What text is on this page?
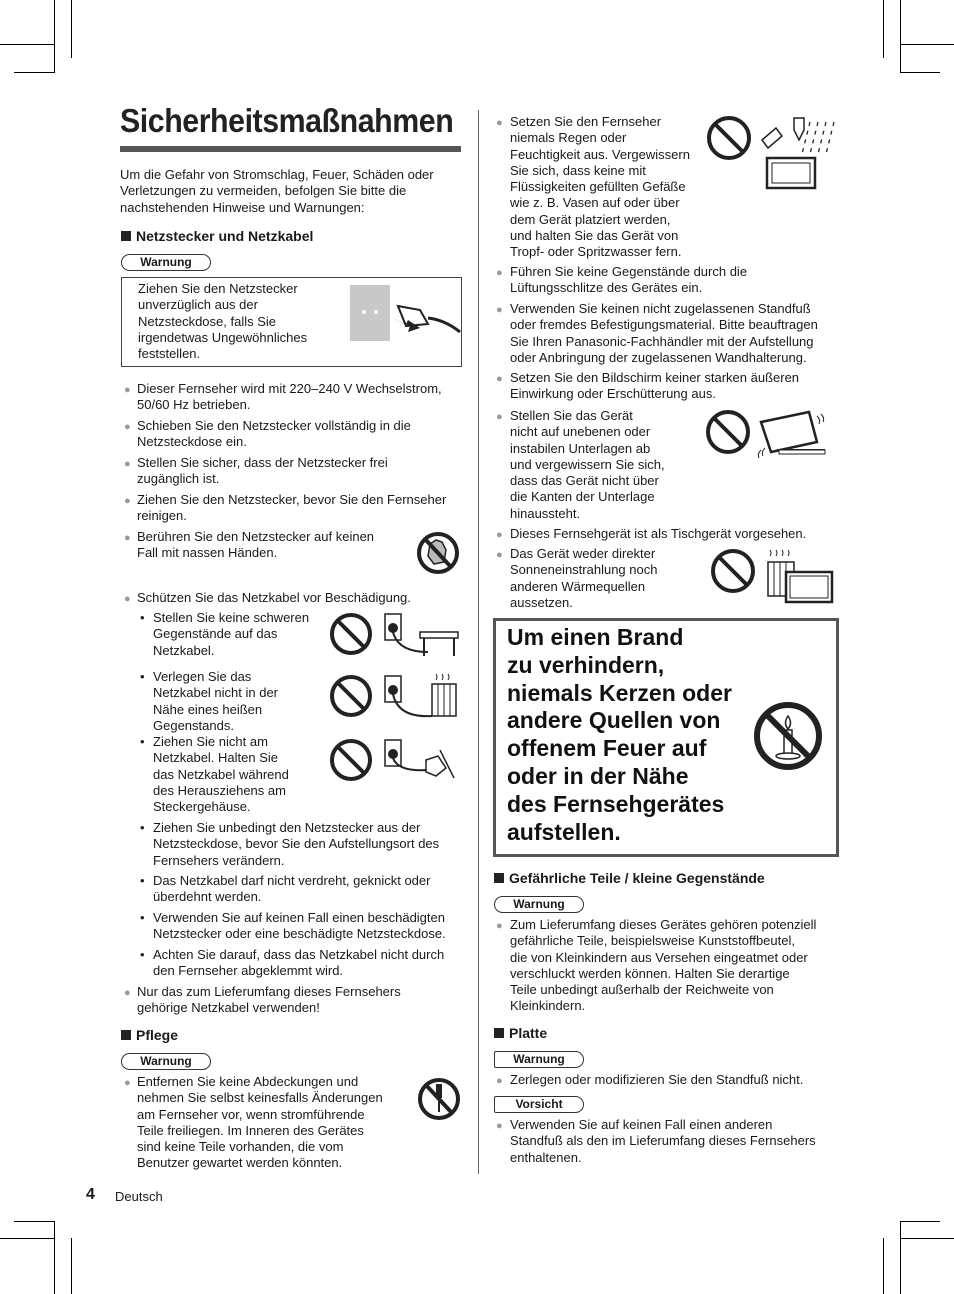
Sicherheitsmaßnahmen
Um die Gefahr von Stromschlag, Feuer, Schäden oder
Verletzungen zu vermeiden, befolgen Sie bitte die
nachstehenden Hinweise und Warnungen:
Netzstecker und Netzkabel
Warnung
Ziehen Sie den Netzstecker
unverzüglich aus der
Netzsteckdose, falls Sie
irgendetwas Ungewöhnliches
feststellen.
● Dieser Fernseher wird mit 220–240 V Wechselstrom,
50/60 Hz betrieben.
● Schieben Sie den Netzstecker vollständig in die
Netzsteckdose ein.
● Stellen Sie sicher, dass der Netzstecker frei
zugänglich ist.
● Ziehen Sie den Netzstecker, bevor Sie den Fernseher
reinigen.
● Berühren Sie den Netzstecker auf keinen
Fall mit nassen Händen.
● Schützen Sie das Netzkabel vor Beschädigung.
• Stellen Sie keine schweren
Gegenstände auf das
Netzkabel.
• Verlegen Sie das
Netzkabel nicht in der
Nähe eines heißen
Gegenstands.
• Ziehen Sie nicht am
Netzkabel. Halten Sie
das Netzkabel während
des Herausziehens am
Steckergehäuse.
• Ziehen Sie unbedingt den Netzstecker aus der
Netzsteckdose, bevor Sie den Aufstellungsort des
Fernsehers verändern.
• Das Netzkabel darf nicht verdreht, geknickt oder
überdehnt werden.
• Verwenden Sie auf keinen Fall einen beschädigten
Netzstecker oder eine beschädigte Netzsteckdose.
• Achten Sie darauf, dass das Netzkabel nicht durch
den Fernseher abgeklemmt wird.
● Nur das zum Lieferumfang dieses Fernsehers
gehörige Netzkabel verwenden!
Pflege
Warnung
● Entfernen Sie keine Abdeckungen und
nehmen Sie selbst keinesfalls Änderungen
am Fernseher vor, wenn stromführende
Teile freiliegen. Im Inneren des Gerätes
sind keine Teile vorhanden, die vom
Benutzer gewartet werden könnten.
● Setzen Sie den Fernseher
niemals Regen oder
Feuchtigkeit aus. Vergewissern
Sie sich, dass keine mit
Flüssigkeiten gefüllten Gefäße
wie z. B. Vasen auf oder über
dem Gerät platziert werden,
und halten Sie das Gerät von
Tropf- oder Spritzwasser fern.
● Führen Sie keine Gegenstände durch die
Lüftungsschlitze des Gerätes ein.
● Verwenden Sie keinen nicht zugelassenen Standfuß
oder fremdes Befestigungsmaterial. Bitte beauftragen
Sie Ihren Panasonic-Fachhändler mit der Aufstellung
oder Anbringung der zugelassenen Wandhalterung.
● Setzen Sie den Bildschirm keiner starken äußeren
Einwirkung oder Erschütterung aus.
● Stellen Sie das Gerät
nicht auf unebenen oder
instabilen Unterlagen ab
und vergewissern Sie sich,
dass das Gerät nicht über
die Kanten der Unterlage
hinaussteht.
● Dieses Fernsehgerät ist als Tischgerät vorgesehen.
● Das Gerät weder direkter
Sonneneinstrahlung noch
anderen Wärmequellen
aussetzen.
Um einen Brand
zu verhindern,
niemals Kerzen oder
andere Quellen von
offenem Feuer auf
oder in der Nähe
des Fernsehgerätes
aufstellen.
Gefährliche Teile / kleine Gegenstände
Warnung
● Zum Lieferumfang dieses Gerätes gehören potenziell
gefährliche Teile, beispielsweise Kunststoffbeutel,
die von Kleinkindern aus Versehen eingeatmet oder
verschluckt werden können. Halten Sie derartige
Teile unbedingt außerhalb der Reichweite von
Kleinkindern.
Platte
Warnung
● Zerlegen oder modifizieren Sie den Standfuß nicht.
Vorsicht
● Verwenden Sie auf keinen Fall einen anderen
Standfuß als den im Lieferumfang dieses Fernsehers
enthaltenen.
4 Deutsch
